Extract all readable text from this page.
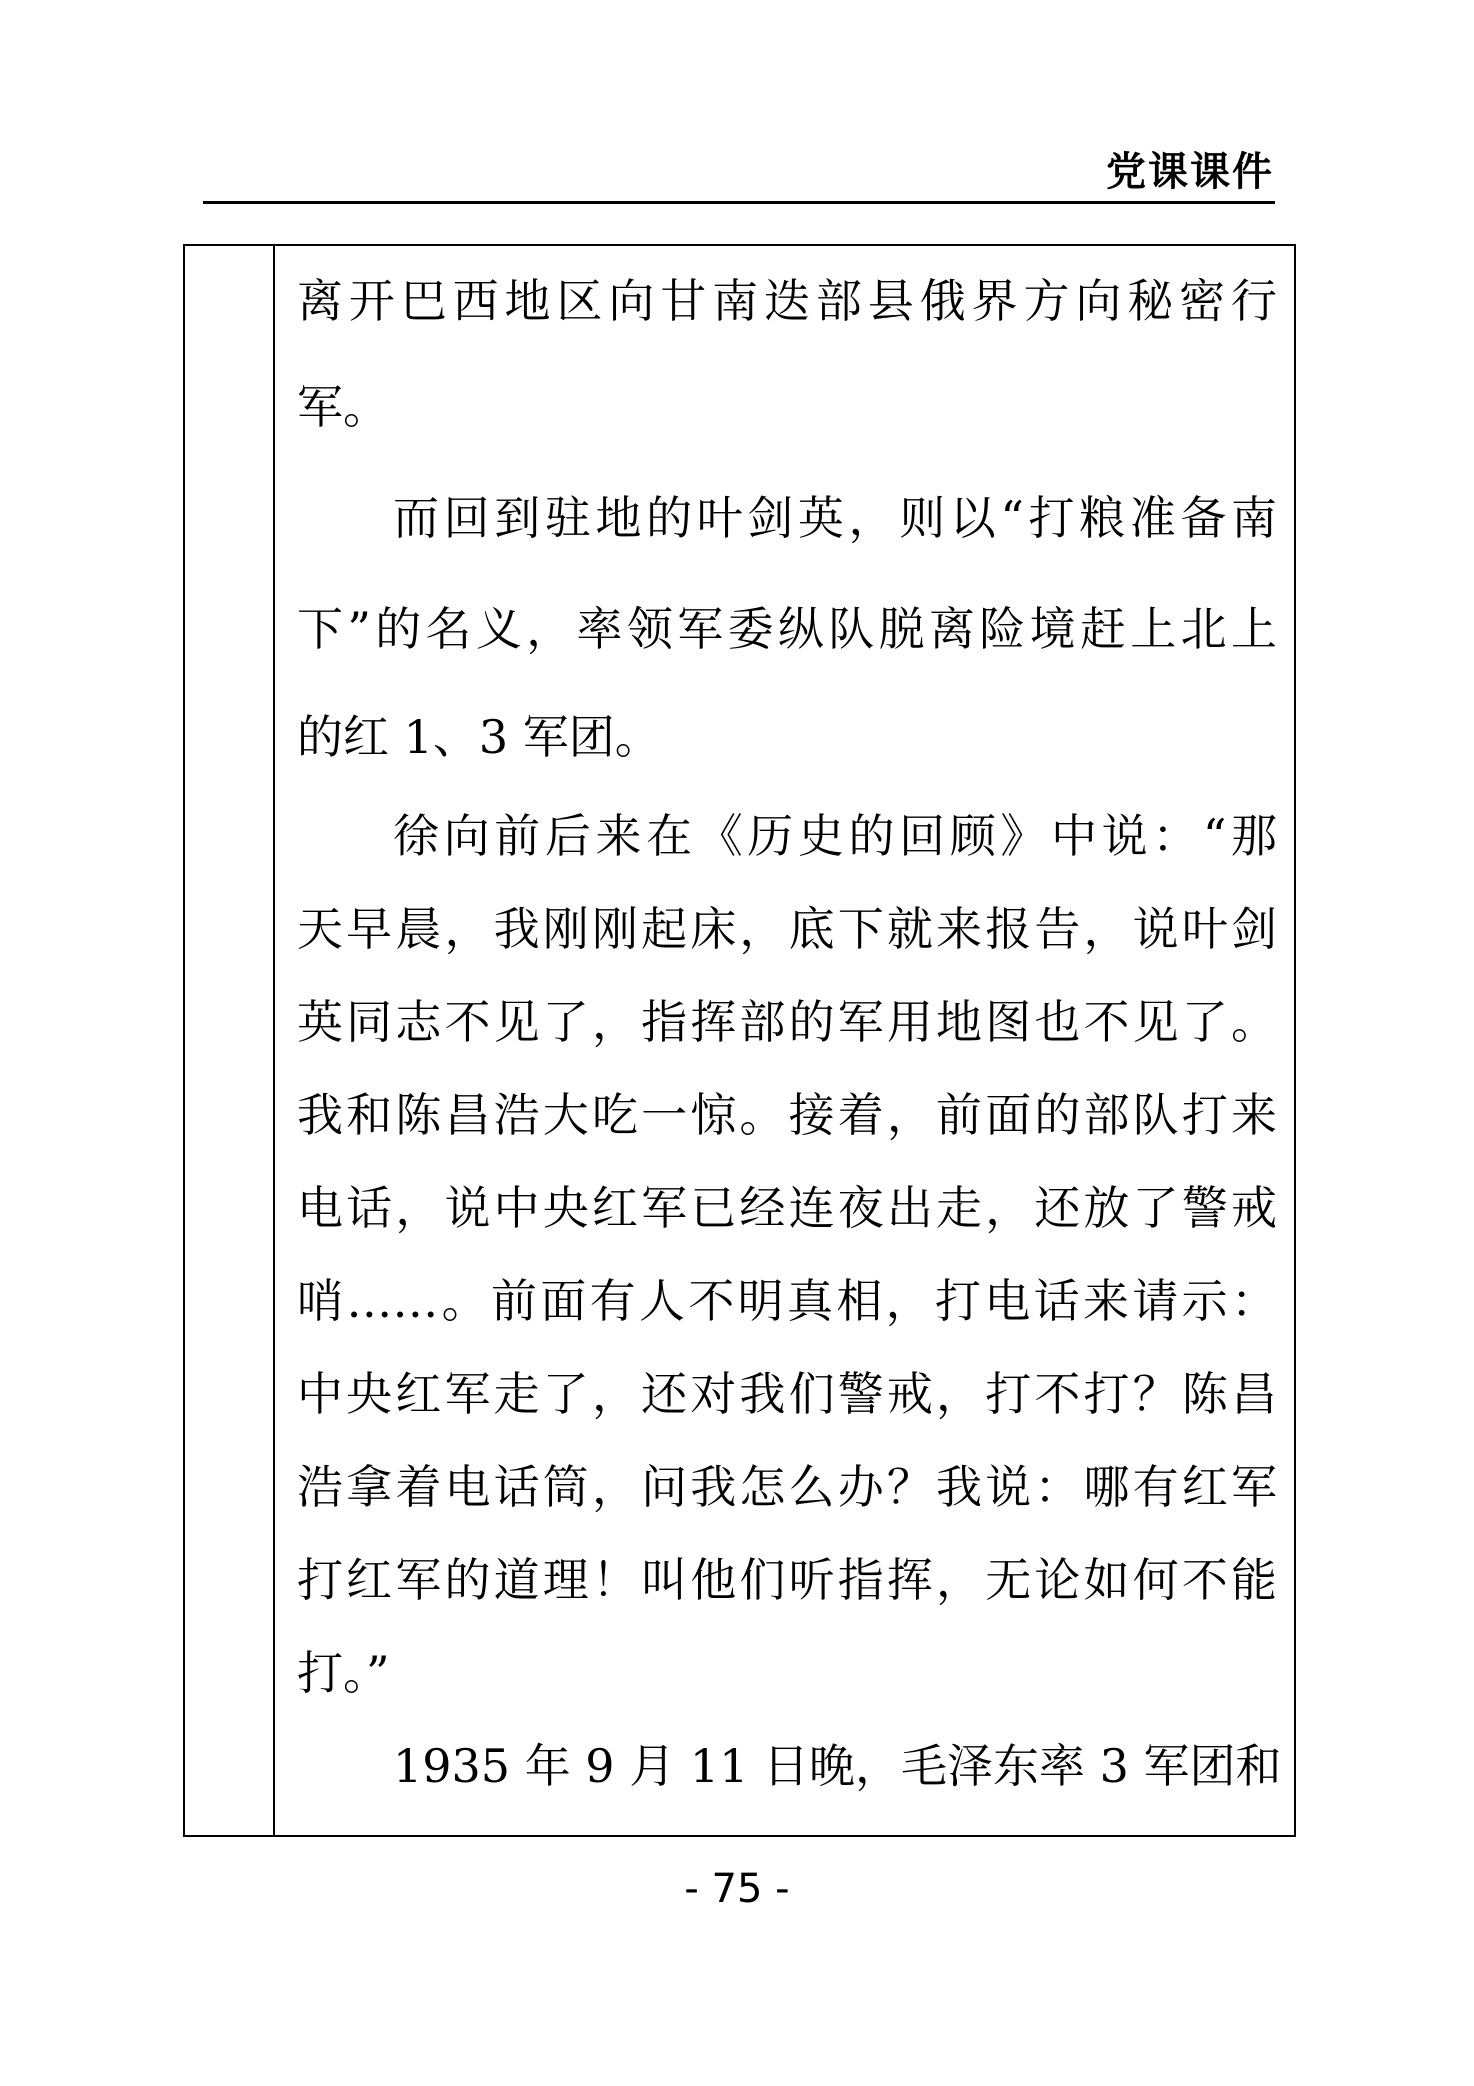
党课课件
离开巴西地区向甘南迭部县俄界方向秘密行
军。
而回到驻地的叶剑英，则以“打粮准备南
下”的名义，率领军委纵队脱离险境赶上北上
的红 1、3 军团。
徐向前后来在《历史的回顾》中说：“那
天早晨，我刚刚起床，底下就来报告，说叶剑
英同志不见了，指挥部的军用地图也不见了。
我和陈昌浩大吃一惊。接着，前面的部队打来
电话，说中央红军已经连夜出走，还放了警戒
哨……。前面有人不明真相，打电话来请示：
中央红军走了，还对我们警戒，打不打？陈昌
浩拿着电话筒，问我怎么办？我说：哪有红军
打红军的道理！叫他们听指挥，无论如何不能
打。”
1935 年 9 月 11 日晚，毛泽东率 3 军团和
- 75 -
